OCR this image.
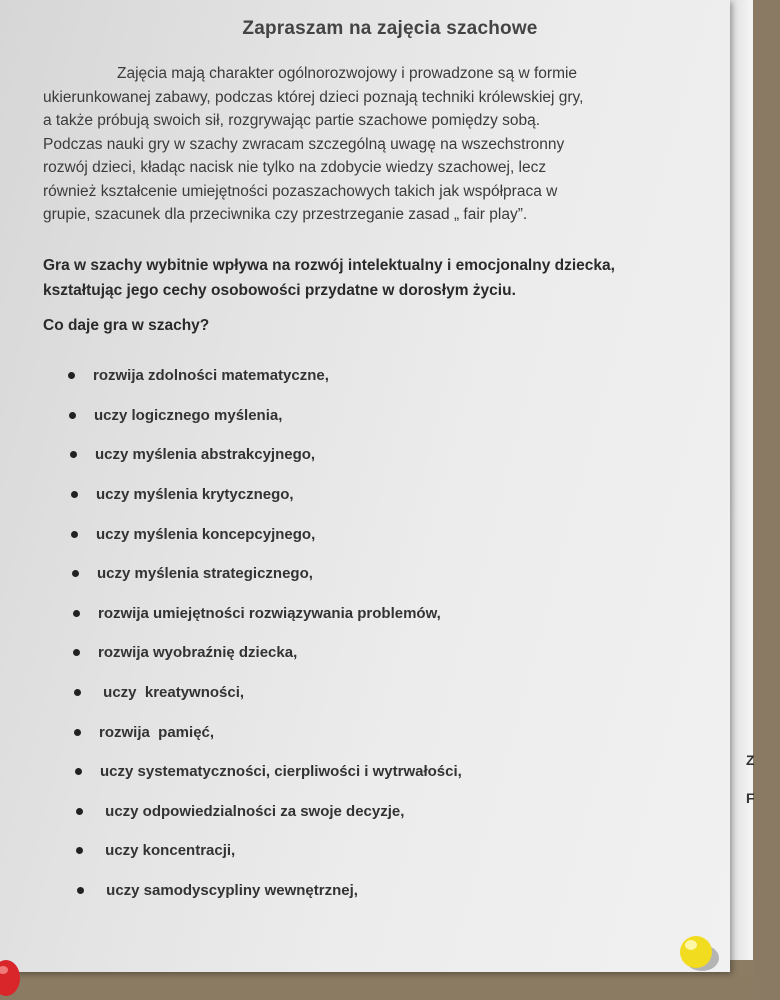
Z
F
Zapraszam na zajęcia szachowe
Zajęcia mają charakter ogólnorozwojowy i prowadzone są w formie
ukierunkowanej zabawy, podczas której dzieci poznają techniki królewskiej gry,
a także próbują swoich sił, rozgrywając partie szachowe pomiędzy sobą.
Podczas nauki gry w szachy zwracam szczególną uwagę na wszechstronny
rozwój dzieci, kładąc nacisk nie tylko na zdobycie wiedzy szachowej, lecz
również kształcenie umiejętności pozaszachowych takich jak współpraca w
grupie, szacunek dla przeciwnika czy przestrzeganie zasad „ fair play”.
Gra w szachy wybitnie wpływa na rozwój intelektualny i emocjonalny dziecka,
kształtując jego cechy osobowości przydatne w dorosłym życiu.
Co daje gra w szachy?
rozwija zdolności matematyczne,
uczy logicznego myślenia,
uczy myślenia abstrakcyjnego,
uczy myślenia krytycznego,
uczy myślenia koncepcyjnego,
uczy myślenia strategicznego,
rozwija umiejętności rozwiązywania problemów,
rozwija wyobraźnię dziecka,
uczy  kreatywności,
rozwija  pamięć,
uczy systematyczności, cierpliwości i wytrwałości,
uczy odpowiedzialności za swoje decyzje,
uczy koncentracji,
uczy samodyscypliny wewnętrznej,
